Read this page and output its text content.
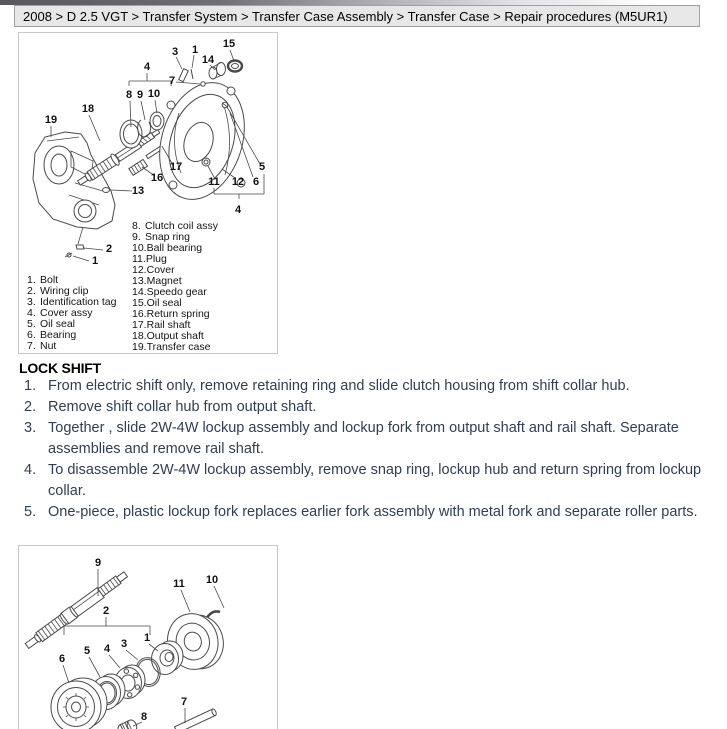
2008 > D 2.5 VGT > Transfer System > Transfer Case Assembly > Transfer Case > Repair procedures (M5UR1)
15
3 1
14
4
7
8 9 10
18
19
17
16	11 12 6
5
13
4
2
1
1. Bolt
2. Wiring clip
3. Identification tag
4. Cover assy
5. Oil seal
6. Bearing
7. Nut
8. Clutch coil assy
9. Snap ring
10.Ball bearing
11.Plug
12.Cover
13.Magnet
14.Speedo gear
15.Oil seal
16.Return spring
17.Rail shaft
18.Output shaft
19.Transfer case
LOCK SHIFT
1. From electric shift only, remove retaining ring and slide clutch housing from shift collar hub.
2. Remove shift collar hub from output shaft.
3. Together , slide 2W-4W lockup assembly and lockup fork from output shaft and rail shaft. Separate assemblies and remove rail shaft.
4. To disassemble 2W-4W lockup assembly, remove snap ring, lockup hub and return spring from lockup collar.
5. One-piece, plastic lockup fork replaces earlier fork assembly with metal fork and separate roller parts.
9
2
11 10
6
5 4 3 1
7
8
